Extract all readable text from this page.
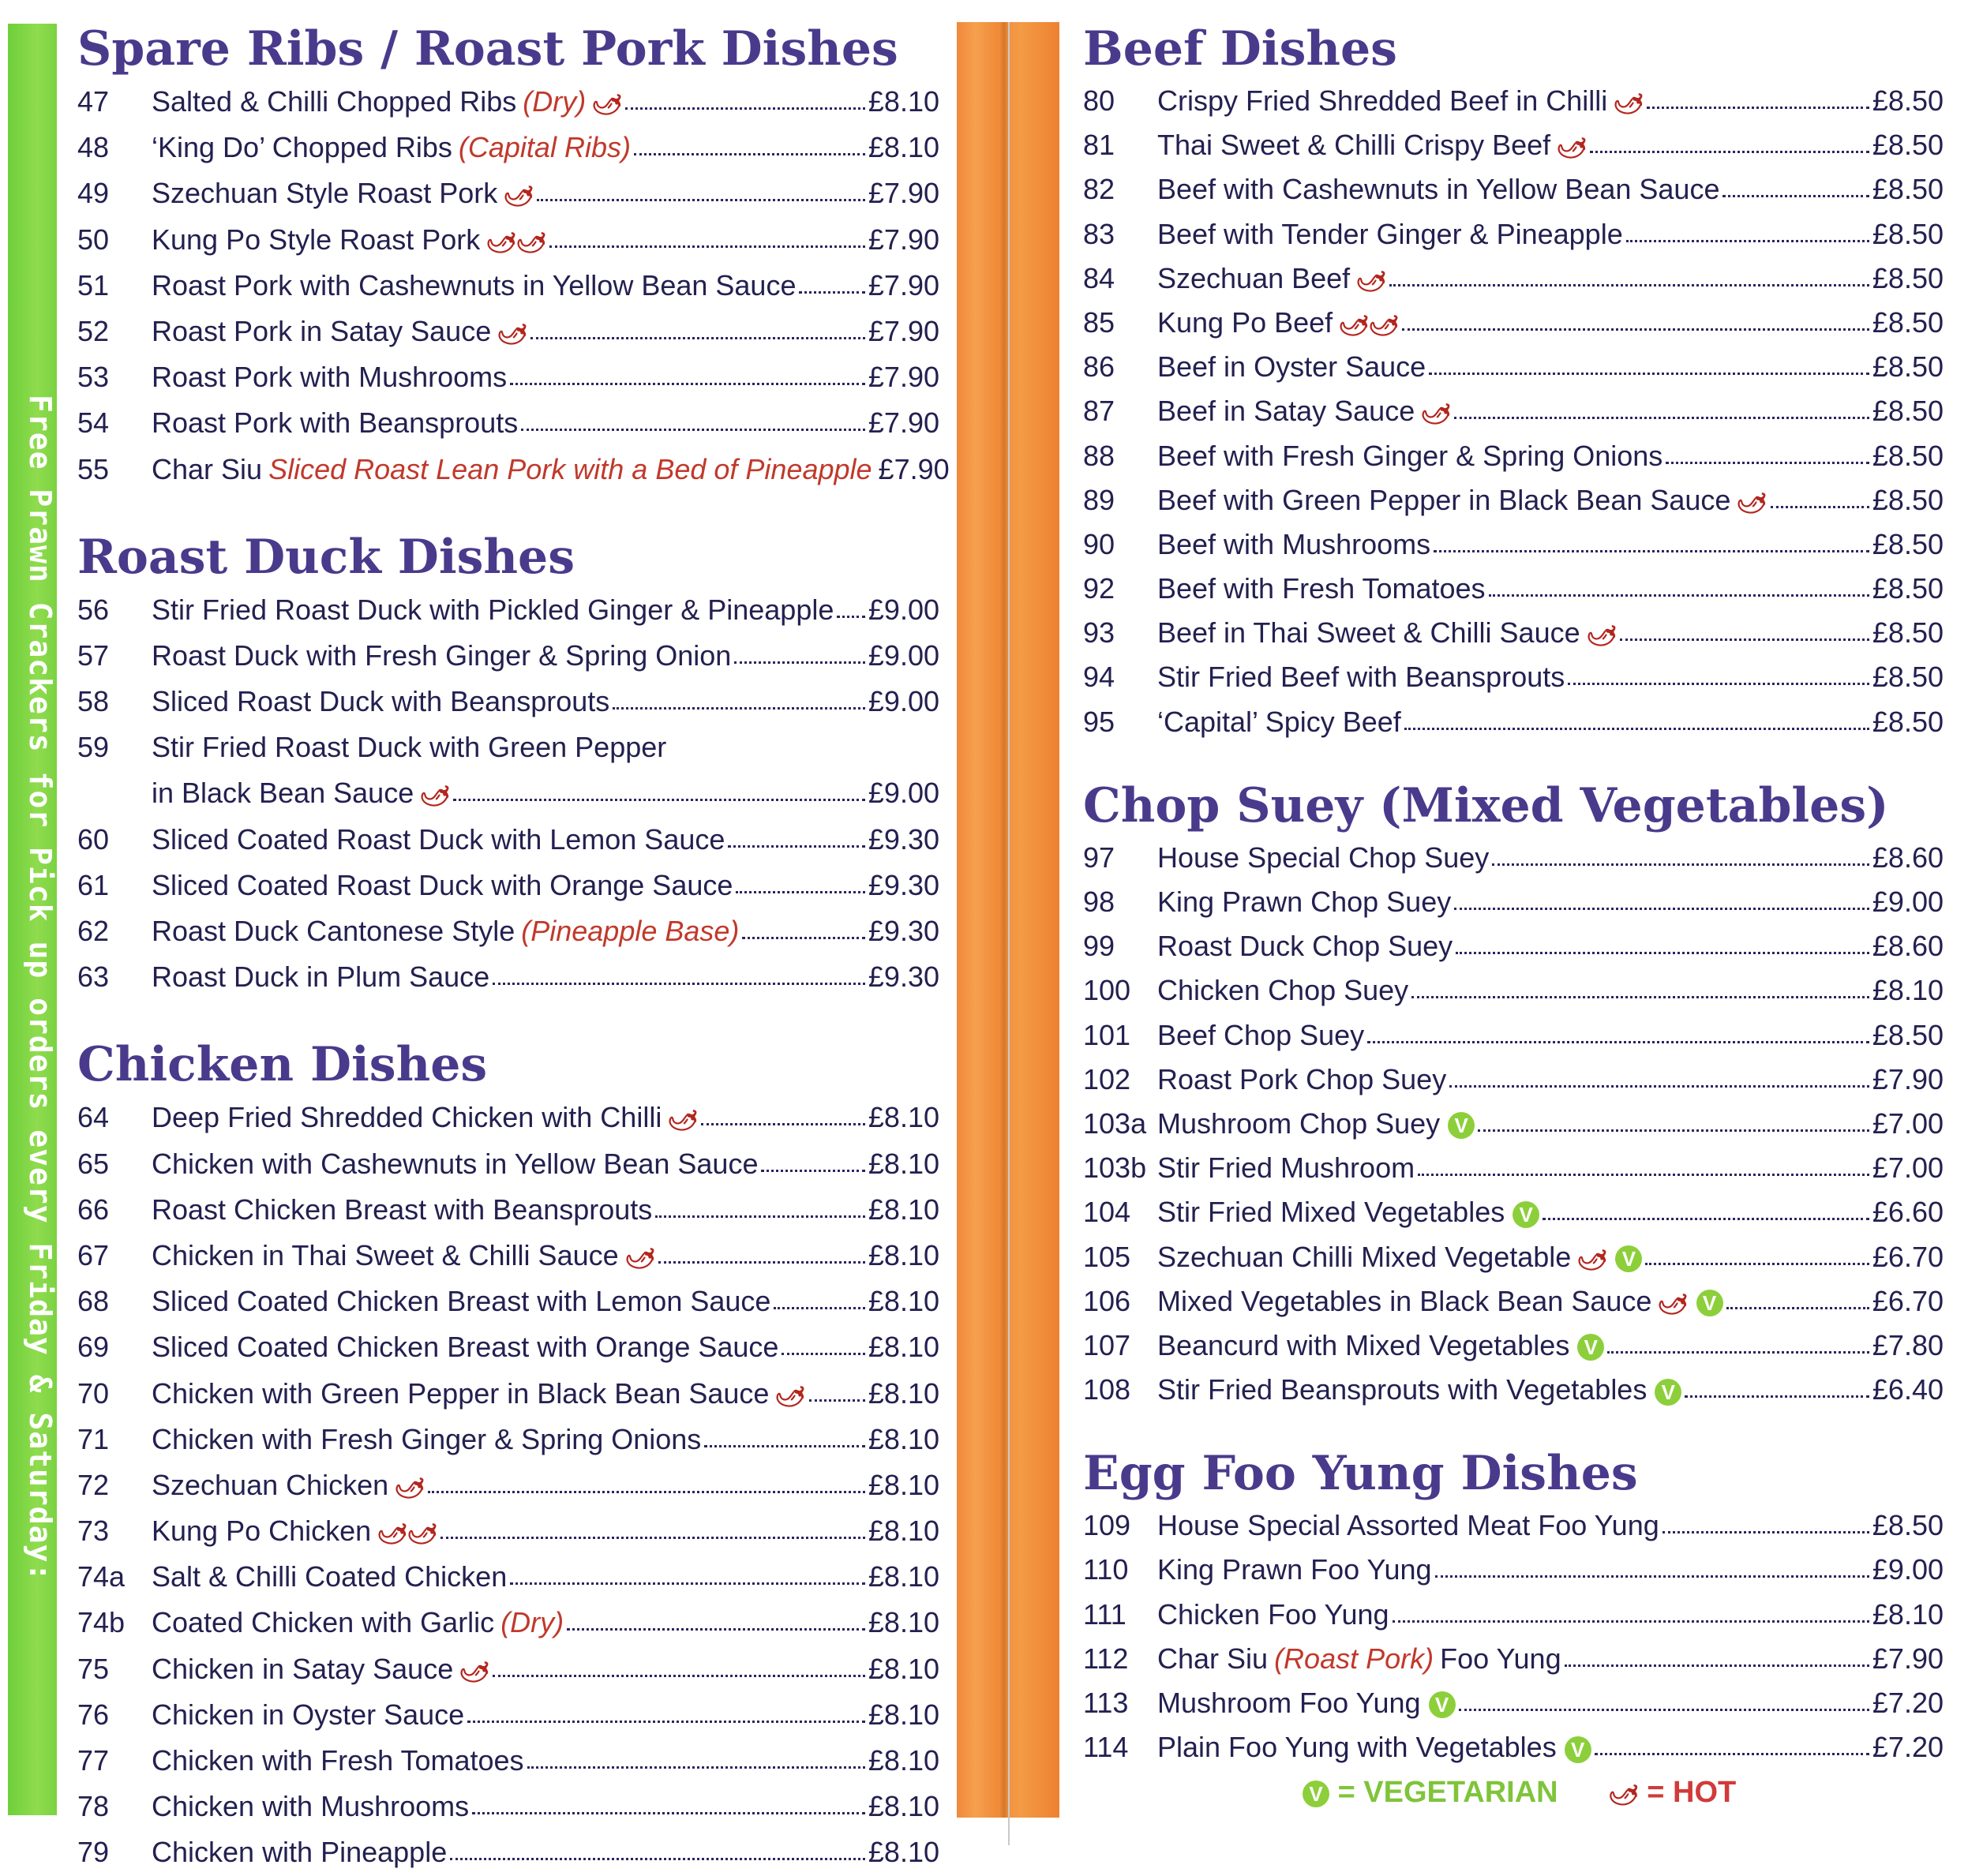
Free Prawn Crackers for Pick up orders every Friday & Saturday:
Spare Ribs / Roast Pork Dishes
47	Salted & Chilli Chopped Ribs (Dry) 🌶	£8.10
48	‘King Do’ Chopped Ribs (Capital Ribs)	£8.10
49	Szechuan Style Roast Pork 🌶	£7.90
50	Kung Po Style Roast Pork 🌶🌶	£7.90
51	Roast Pork with Cashewnuts in Yellow Bean Sauce	£7.90
52	Roast Pork in Satay Sauce 🌶	£7.90
53	Roast Pork with Mushrooms	£7.90
54	Roast Pork with Beansprouts	£7.90
55	Char Siu Sliced Roast Lean Pork with a Bed of Pineapple £7.90
Roast Duck Dishes
56	Stir Fried Roast Duck with Pickled Ginger & Pineapple £9.00
57	Roast Duck with Fresh Ginger & Spring Onion	£9.00
58	Sliced Roast Duck with Beansprouts	£9.00
59	Stir Fried Roast Duck with Green Pepper
in Black Bean Sauce 🌶	£9.00
60	Sliced Coated Roast Duck with Lemon Sauce	£9.30
61	Sliced Coated Roast Duck with Orange Sauce	£9.30
62	Roast Duck Cantonese Style (Pineapple Base)	£9.30
63	Roast Duck in Plum Sauce	£9.30
Chicken Dishes
64	Deep Fried Shredded Chicken with Chilli 🌶	£8.10
65	Chicken with Cashewnuts in Yellow Bean Sauce	£8.10
66	Roast Chicken Breast with Beansprouts	£8.10
67	Chicken in Thai Sweet & Chilli Sauce 🌶	£8.10
68	Sliced Coated Chicken Breast with Lemon Sauce	£8.10
69	Sliced Coated Chicken Breast with Orange Sauce	£8.10
70	Chicken with Green Pepper in Black Bean Sauce 🌶 £8.10
71	Chicken with Fresh Ginger & Spring Onions	£8.10
72	Szechuan Chicken 🌶	£8.10
73	Kung Po Chicken 🌶🌶	£8.10
74a Salt & Chilli Coated Chicken	£8.10
74b Coated Chicken with Garlic (Dry)	£8.10
75	Chicken in Satay Sauce 🌶	£8.10
76	Chicken in Oyster Sauce	£8.10
77	Chicken with Fresh Tomatoes	£8.10
78	Chicken with Mushrooms	£8.10
79	Chicken with Pineapple	£8.10
Beef Dishes
80	Crispy Fried Shredded Beef in Chilli 🌶	£8.50
81	Thai Sweet & Chilli Crispy Beef 🌶	£8.50
82	Beef with Cashewnuts in Yellow Bean Sauce	£8.50
83	Beef with Tender Ginger & Pineapple	£8.50
84	Szechuan Beef 🌶	£8.50
85	Kung Po Beef 🌶🌶	£8.50
86	Beef in Oyster Sauce	£8.50
87	Beef in Satay Sauce 🌶	£8.50
88	Beef with Fresh Ginger & Spring Onions	£8.50
89	Beef with Green Pepper in Black Bean Sauce 🌶	£8.50
90	Beef with Mushrooms	£8.50
92	Beef with Fresh Tomatoes	£8.50
93	Beef in Thai Sweet & Chilli Sauce 🌶	£8.50
94	Stir Fried Beef with Beansprouts	£8.50
95	‘Capital’ Spicy Beef	£8.50
Chop Suey (Mixed Vegetables)
97	House Special Chop Suey	£8.60
98	King Prawn Chop Suey	£9.00
99	Roast Duck Chop Suey	£8.60
100 Chicken Chop Suey	£8.10
101 Beef Chop Suey	£8.50
102 Roast Pork Chop Suey	£7.90
103a Mushroom Chop Suey V	£7.00
103b Stir Fried Mushroom	£7.00
104 Stir Fried Mixed Vegetables V	£6.60
105 Szechuan Chilli Mixed Vegetable 🌶 V	£6.70
106 Mixed Vegetables in Black Bean Sauce 🌶 V	£6.70
107 Beancurd with Mixed Vegetables V	£7.80
108 Stir Fried Beansprouts with Vegetables V	£6.40
Egg Foo Yung Dishes
109 House Special Assorted Meat Foo Yung	£8.50
110	King Prawn Foo Yung	£9.00
111	Chicken Foo Yung	£8.10
112	Char Siu (Roast Pork) Foo Yung	£7.90
113	Mushroom Foo Yung V	£7.20
114	Plain Foo Yung with Vegetables V	£7.20
V = VEGETARIAN 🌶 = HOT
